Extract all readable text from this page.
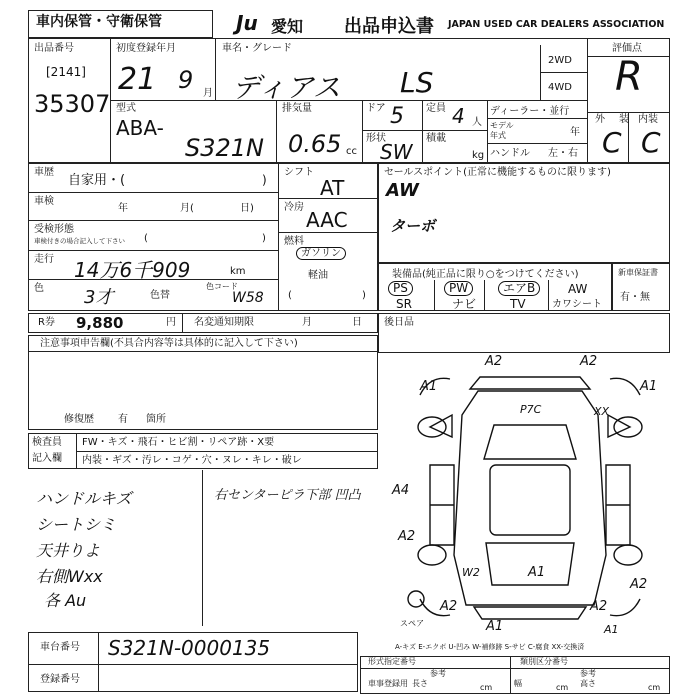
車内保管・守衛保管	Ju 愛知 出品申込書 JAPAN USED CAR DEALERS ASSOCIATION
出品番号
[2141]
35307
初度登録年月
21 9 月
車名・グレード
ディアス LS
2WD
4WD
評価点
R
外 装 内装
C C
型式
ABA-
S321N
排気量
0.65 cc
ドア 5
形状
SW
定員 4 人
積載
kg
ディーラー・並行
モデル
年式	年
ハンドル 左・右
車歴
自家用・(	)
車検
年	月(	日)
受検形態
車検付きの場合記入して下さい (	)
走行 14万6千909	km
色 3才	色替
色コード
W58
シフト
AT
冷房
AAC
燃料
ガソリン
軽油
(	)
セールスポイント(正常に機能するものに限ります)
AW
ターボ
装備品(純正品に限り○をつけてください)
PS	PW	エアB	AW
SR	ナビ	TV	カワシート
新車保証書
有・無
R券 9,880	円 名変通知期限	月	日 後日品
注意事項申告欄(不具合内容等は具体的に記入して下さい)
修復歴 有 箇所
検査員
記入欄
FW・キズ・飛石・ヒビ割・リペア跡・X要
内装・ギズ・汚レ・コゲ・穴・ヌレ・キレ・破レ
ハンドルキズ
シートシミ
天井りよ
右側Wxx
各 Au
右センターピラ下部 凹凸
A2	A2
A1	A1
A4
A2
A2
A2
A1
A1
A2
P7C	XX
W2
A1
スペア
A-キズ E-エクボ U-凹み W-補修跡 S-サビ C-腐食 XX-交換済
車台番号 S321N-0000135
登録番号
形式指定番号	類別区分番号
参考	参考
車事登録用 長さ	cm	幅	cm 高さ	cm
